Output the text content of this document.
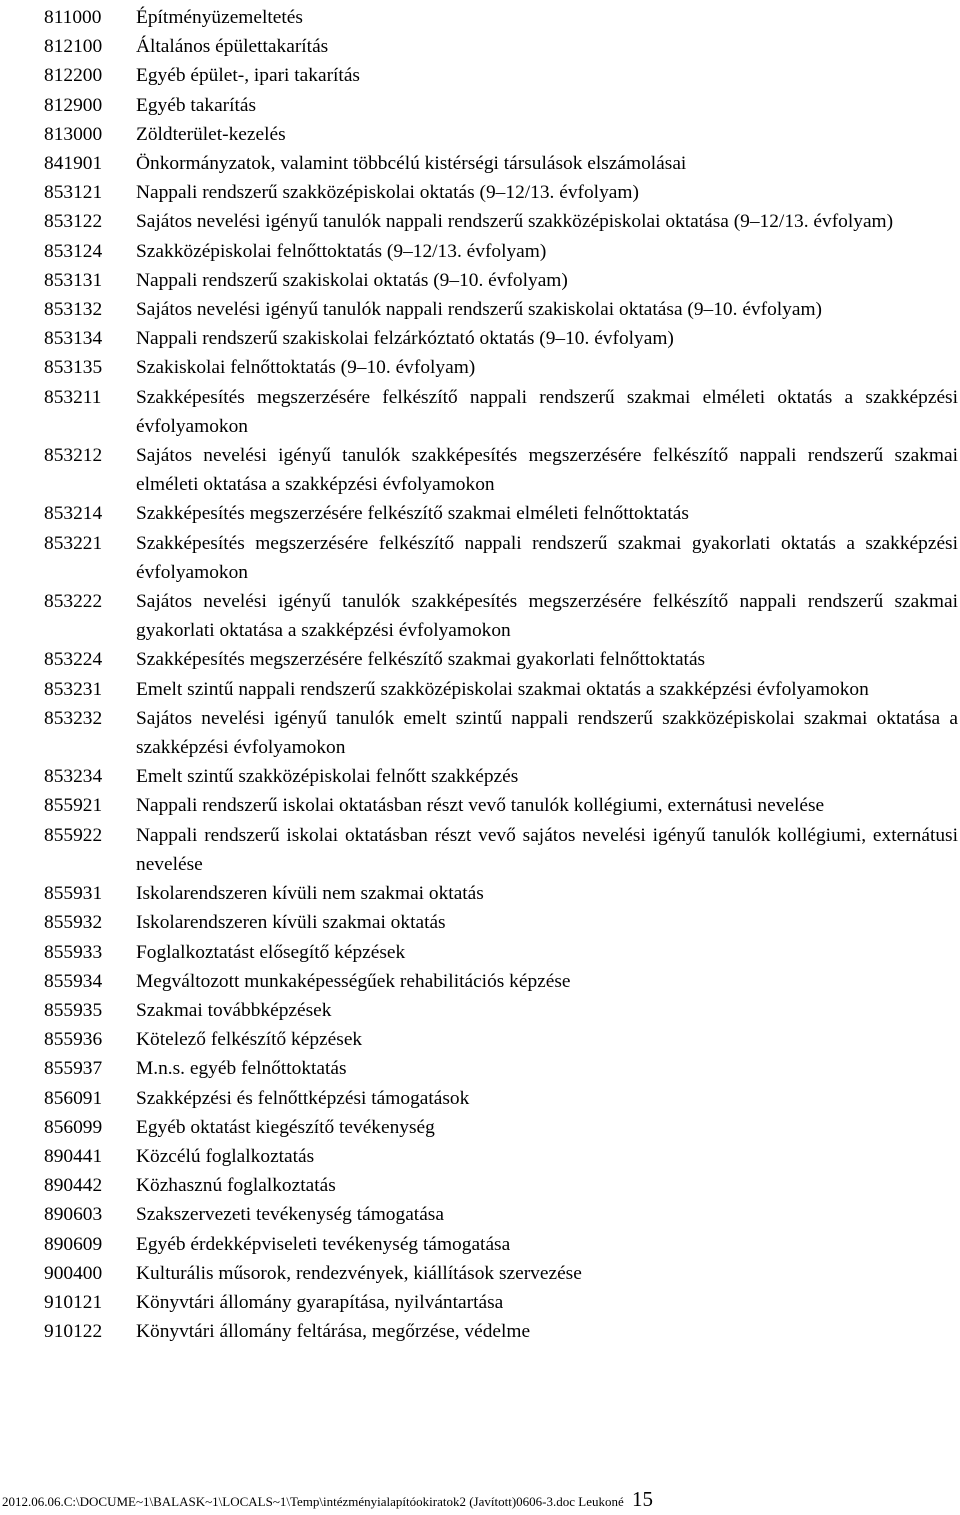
811000	Építményüzemeltetés
812100	Általános épülettakarítás
812200	Egyéb épület-, ipari takarítás
812900	Egyéb takarítás
813000	Zöldterület-kezelés
841901	Önkormányzatok, valamint többcélú kistérségi társulások elszámolásai
853121	Nappali rendszerű szakközépiskolai oktatás (9–12/13. évfolyam)
853122	Sajátos nevelési igényű tanulók nappali rendszerű szakközépiskolai oktatása (9–12/13. évfolyam)
853124	Szakközépiskolai felnőttoktatás (9–12/13. évfolyam)
853131	Nappali rendszerű szakiskolai oktatás (9–10. évfolyam)
853132	Sajátos nevelési igényű tanulók nappali rendszerű szakiskolai oktatása (9–10. évfolyam)
853134	Nappali rendszerű szakiskolai felzárkóztató oktatás (9–10. évfolyam)
853135	Szakiskolai felnőttoktatás (9–10. évfolyam)
853211	Szakképesítés megszerzésére felkészítő nappali rendszerű szakmai elméleti oktatás a szakképzési évfolyamokon
853212	Sajátos nevelési igényű tanulók szakképesítés megszerzésére felkészítő nappali rendszerű szakmai elméleti oktatása a szakképzési évfolyamokon
853214	Szakképesítés megszerzésére felkészítő szakmai elméleti felnőttoktatás
853221	Szakképesítés megszerzésére felkészítő nappali rendszerű szakmai gyakorlati oktatás a szakképzési évfolyamokon
853222	Sajátos nevelési igényű tanulók szakképesítés megszerzésére felkészítő nappali rendszerű szakmai gyakorlati oktatása a szakképzési évfolyamokon
853224	Szakképesítés megszerzésére felkészítő szakmai gyakorlati felnőttoktatás
853231	Emelt szintű nappali rendszerű szakközépiskolai szakmai oktatás a szakképzési évfolyamokon
853232	Sajátos nevelési igényű tanulók emelt szintű nappali rendszerű szakközépiskolai szakmai oktatása a szakképzési évfolyamokon
853234	Emelt szintű szakközépiskolai felnőtt szakképzés
855921	Nappali rendszerű iskolai oktatásban részt vevő tanulók kollégiumi, externátusi nevelése
855922	Nappali rendszerű iskolai oktatásban részt vevő sajátos nevelési igényű tanulók kollégiumi, externátusi nevelése
855931	Iskolarendszeren kívüli nem szakmai oktatás
855932	Iskolarendszeren kívüli szakmai oktatás
855933	Foglalkoztatást elősegítő képzések
855934	Megváltozott munkaképességűek rehabilitációs képzése
855935	Szakmai továbbképzések
855936	Kötelező felkészítő képzések
855937	M.n.s. egyéb felnőttoktatás
856091	Szakképzési és felnőttképzési támogatások
856099	Egyéb oktatást kiegészítő tevékenység
890441	Közcélú foglalkoztatás
890442	Közhasznú foglalkoztatás
890603	Szakszervezeti tevékenység támogatása
890609	Egyéb érdekképviseleti tevékenység támogatása
900400	Kulturális műsorok, rendezvények, kiállítások szervezése
910121	Könyvtári állomány gyarapítása, nyilvántartása
910122	Könyvtári állomány feltárása, megőrzése, védelme
2012.06.06.C:\DOCUME~1\BALASK~1\LOCALS~1\Temp\intézményialapítóokiratok2 (Javított)0606-3.doc Leukoné 15
